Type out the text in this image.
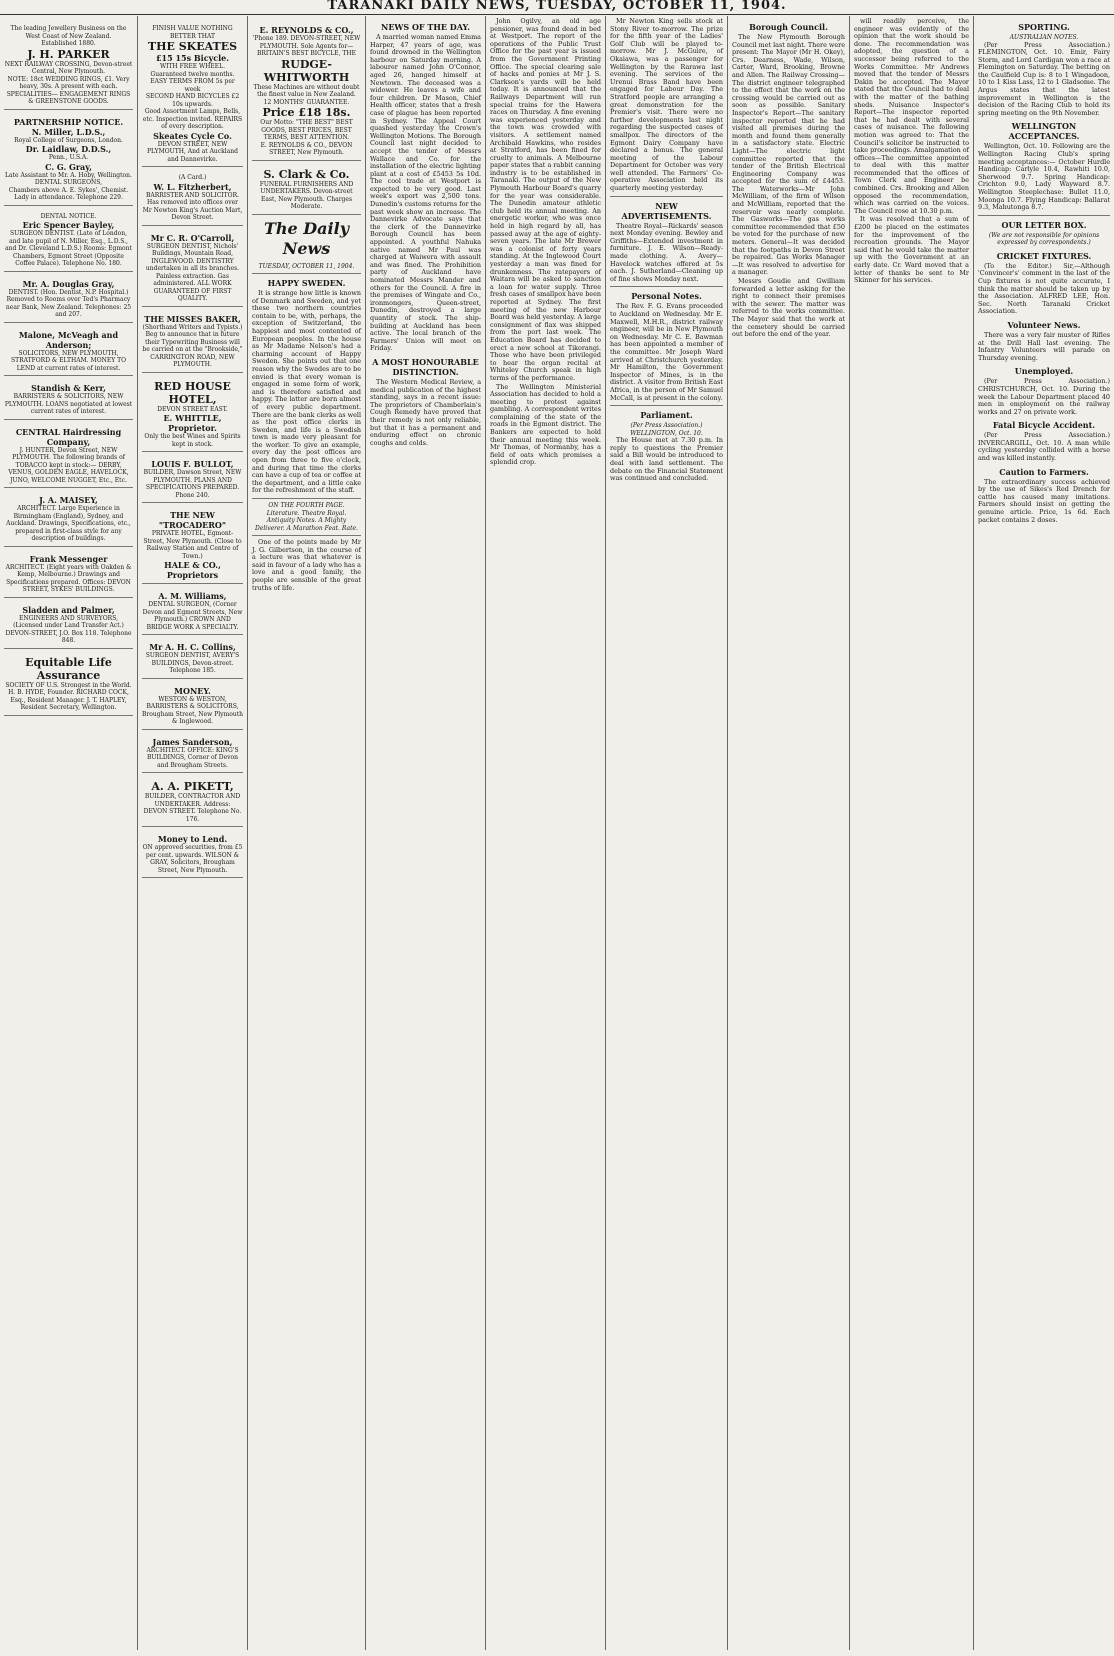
TARANAKI DAILY NEWS, TUESDAY, OCTOBER 11, 1904.
The leading Jewellery Business on the West Coast of New Zealand.
Established 1880.
J. H. PARKER
NEXT RAILWAY CROSSING, Devon-street Central, New Plymouth.
NOTE: 18ct WEDDING RINGS, £1. Very heavy, 30s. A present with each.
SPECIALITIES— ENGAGEMENT RINGS & GREENSTONE GOODS.
PARTNERSHIP NOTICE.
N. Miller, L.D.S.,
Royal College of Surgeons, London.
Dr. Laidlaw, D.D.S.,
Penn., U.S.A.
C. G. Gray,
Late Assistant to Mr. A. Hoby, Wellington.
DENTAL SURGEONS,
Chambers above A. E. Sykes', Chemist. Lady in attendance. Telephone 229.
DENTAL NOTICE.
Eric Spencer Bayley,
SURGEON DENTIST. (Late of London, and late pupil of N. Miller, Esq., L.D.S., and Dr. Cleveland L.D.S.) Rooms: Egmont Chambers, Egmont Street (Opposite Coffee Palace). Telephone No. 180.
Mr. A. Douglas Gray,
DENTIST. (Hon. Dentist, N.P. Hospital.) Removed to Rooms over Ted's Pharmacy near Bank, New Zealand. Telephones: 25 and 207.
Malone, McVeagh and Anderson;
SOLICITORS, NEW PLYMOUTH, STRATFORD & ELTHAM. MONEY TO LEND at current rates of interest.
Standish & Kerr,
BARRISTERS & SOLICITORS, NEW PLYMOUTH. LOANS negotiated at lowest current rates of interest.
CENTRAL Hairdressing Company,
J. HUNTER, Devon Street, NEW PLYMOUTH. The following brands of TOBACCO kept in stock:— DERBY, VENUS, GOLDEN EAGLE, HAVELOCK, JUNO, WELCOME NUGGET, Etc., Etc.
J. A. MAISEY,
ARCHITECT. Large Experience in Birmingham (England), Sydney, and Auckland. Drawings, Specifications, etc., prepared in first-class style for any description of buildings.
Frank Messenger
ARCHITECT. (Eight years with Oakden & Kemp, Melbourne.) Drawings and Specifications prepared. Offices: DEVON STREET, SYKES' BUILDINGS.
Sladden and Palmer,
ENGINEERS AND SURVEYORS, (Licensed under Land Transfer Act.) DEVON-STREET, J.O. Box 118. Telephone 848.
Equitable Life Assurance
SOCIETY OF U.S. Strongest in the World. H. B. HYDE, Founder. RICHARD COCK, Esq., Resident Manager. J. T. HAPLEY, Resident Secretary, Wellington.
FINISH VALUE NOTHING BETTER THAT
THE SKEATES
£15 15s Bicycle.
WITH FREE WHEEL.
Guaranteed twelve months.
EASY TERMS FROM 5s per week
SECOND HAND BICYCLES £2 10s upwards.
Good Assortment Lamps, Bells, etc. Inspection invited. REPAIRS of every description.
Skeates Cycle Co.
DEVON STREET, NEW PLYMOUTH, And at Auckland and Dannevirke.
(A Card.)
W. L. Fitzherbert,
BARRISTER AND SOLICITOR. Has removed into offices over Mr Newton King's Auction Mart, Devon Street.
Mr C. R. O'Carroll,
SURGEON DENTIST, Nichols' Buildings, Mountain Road, INGLEWOOD. DENTISTRY undertaken in all its branches. Painless extraction. Gas administered. ALL WORK GUARANTEED OF FIRST QUALITY.
THE MISSES BAKER,
(Shorthand Writers and Typists.) Beg to announce that in future their Typewriting Business will be carried on at the "Brookside," CARRINGTON ROAD, NEW PLYMOUTH.
RED HOUSE HOTEL,
DEVON STREET EAST.
E. WHITTLE, Proprietor.
Only the best Wines and Spirits kept in stock.
LOUIS F. BULLOT,
BUILDER, Dawson Street, NEW PLYMOUTH. PLANS AND SPECIFICATIONS PREPARED. Phone 240.
THE NEW "TROCADERO"
PRIVATE HOTEL, Egmont-Street, New Plymouth. (Close to Railway Station and Centre of Town.)
HALE & CO., Proprietors
A. M. Williams,
DENTAL SURGEON, (Corner Devon and Egmont Streets, New Plymouth.) CROWN AND BRIDGE WORK A SPECIALTY.
Mr A. H. C. Collins,
SURGEON DENTIST, AVERY'S BUILDINGS, Devon-street. Telephone 185.
MONEY.
WESTON & WESTON, BARRISTERS & SOLICITORS, Brougham Street, New Plymouth & Inglewood.
James Sanderson,
ARCHITECT. OFFICE: KING'S BUILDINGS, Corner of Devon and Brougham Streets.
A. A. PIKETT,
BUILDER, CONTRACTOR AND UNDERTAKER. Address: DEVON STREET. Telephone No. 176.
Money to Lend.
ON approved securities, from £5 per cent. upwards. WILSON & GRAY, Solicitors, Brougham Street, New Plymouth.
E. REYNOLDS & CO.,
'Phone 189. DEVON-STREET, NEW PLYMOUTH. Sole Agents for— BRITAIN'S BEST BICYCLE, THE
RUDGE-WHITWORTH
These Machines are without doubt the finest value in New Zealand.
12 MONTHS' GUARANTEE.
Price £18 18s.
Our Motto: "THE BEST" BEST GOODS, BEST PRICES, BEST TERMS, BEST ATTENTION.
E. REYNOLDS & CO., DEVON STREET, New Plymouth.
S. Clark & Co.
FUNERAL FURNISHERS AND UNDERTAKERS. Devon-street East, New Plymouth. Charges Moderate.
The Daily News
TUESDAY, OCTOBER 11, 1904.
HAPPY SWEDEN.
It is strange how little is known of Denmark and Sweden, and yet these two northern countries contain to be, with, perhaps, the exception of Switzerland, the happiest and most contented of European peoples. In the house as Mr Madame Nelson's had a charming account of Happy Sweden. She points out that one reason why the Swedes are to be envied is that every woman is engaged in some form of work, and is therefore satisfied and happy. The latter are born almost of every public department. There are the bank clerks as well as the post office clerks in Sweden, and life is a Swedish town is made very pleasant for the worker. To give an example, every day the post offices are open from three to five o'clock, and during that time the clerks can have a cup of tea or coffee at the department, and a little cake for the refreshment of the staff.
ON THE FOURTH PAGE. Literature. Theatre Royal. Antiquity Notes. A Mighty Deliverer. A Marathon Feat. Rate.
One of the points made by Mr J. G. Gilbertson, in the course of a lecture was that whatever is said in favour of a lady who has a love and a good family, the people are sensible of the great truths of life.
NEWS OF THE DAY.
A married woman named Emma Harper, 47 years of age, was found drowned in the Wellington harbour on Saturday morning. A labourer named John O'Connor, aged 26, hanged himself at Newtown. The deceased was a widower. He leaves a wife and four children. Dr Mason, Chief Health officer, states that a fresh case of plague has been reported in Sydney. The Appeal Court quashed yesterday the Crown's Wellington Motions. The Borough Council last night decided to accept the tender of Messrs Wallace and Co. for the installation of the electric lighting plant at a cost of £5453 5s 10d. The cool trade at Westport is expected to be very good. Last week's export was 2,500 tons. Dunedin's customs returns for the past week show an increase. The Dannevirke Advocate says that the clerk of the Dannevirke Borough Council has been appointed. A youthful Nahuka native named Mr Paul was charged at Waiwera with assault and was fined. The Prohibition party of Auckland have nominated Messrs Mander and others for the Council. A fire in the premises of Wingate and Co., ironmongers, Queen-street, Dunedin, destroyed a large quantity of stock. The ship-building at Auckland has been active. The local branch of the Farmers' Union will meet on Friday.
A MOST HONOURABLE DISTINCTION.
The Western Medical Review, a medical publication of the highest standing, says in a recent issue: The proprietors of Chamberlain's Cough Remedy have proved that their remedy is not only reliable, but that it has a permanent and enduring effect on chronic coughs and colds.
John Ogilvy, an old age pensioner, was found dead in bed at Westport. The report of the operations of the Public Trust Office for the past year is issued from the Government Printing Office. The special clearing sale of hacks and ponies at Mr J. S. Clarkson's yards will be held today. It is announced that the Railways Department will run special trains for the Hawera races on Thursday. A fine evening was experienced yesterday and the town was crowded with visitors. A settlement named Archibald Hawkins, who resides at Stratford, has been fined for cruelty to animals. A Melbourne paper states that a rabbit canning industry is to be established in Taranaki. The output of the New Plymouth Harbour Board's quarry for the year was considerable. The Dunedin amateur athletic club held its annual meeting. An energetic worker, who was once held in high regard by all, has passed away at the age of eighty-seven years. The late Mr Brewer was a colonist of forty years standing. At the Inglewood Court yesterday a man was fined for drunkenness. The ratepayers of Waitara will be asked to sanction a loan for water supply. Three fresh cases of smallpox have been reported at Sydney. The first meeting of the new Harbour Board was held yesterday. A large consignment of flax was shipped from the port last week. The Education Board has decided to erect a new school at Tikorangi. Those who have been privileged to hear the organ recital at Whiteley Church speak in high terms of the performance.
The Wellington Ministerial Association has decided to hold a meeting to protest against gambling. A correspondent writes complaining of the state of the roads in the Egmont district. The Bankers are expected to hold their annual meeting this week. Mr Thomas, of Normanby, has a field of oats which promises a splendid crop.
Mr Newton King sells stock at Stony River to-morrow. The prize for the fifth year of the Ladies' Golf Club will be played to-morrow. Mr J. McGuire, of Okaiawa, was a passenger for Wellington by the Rarawa last evening. The services of the Urenui Brass Band have been engaged for Labour Day. The Stratford people are arranging a great demonstration for the Premier's visit. There were no further developments last night regarding the suspected cases of smallpox. The directors of the Egmont Dairy Company have declared a bonus. The general meeting of the Labour Department for October was very well attended. The Farmers' Co-operative Association held its quarterly meeting yesterday.
NEW ADVERTISEMENTS.
Theatre Royal—Rickards' season next Monday evening. Bewley and Griffiths—Extended investment in furniture. J. E. Wilson—Ready-made clothing. A. Avery—Havelock watches offered at 5s each. J. Sutherland—Cleaning up of fine shows Monday next.
Personal Notes.
The Rev. F. G. Evans proceeded to Auckland on Wednesday. Mr E. Maxwell, M.H.R., district railway engineer, will be in New Plymouth on Wednesday. Mr C. E. Bawman has been appointed a member of the committee. Mr Joseph Ward arrived at Christchurch yesterday. Mr Hamilton, the Government Inspector of Mines, is in the district. A visitor from British East Africa, in the person of Mr Samuel McCall, is at present in the colony.
Parliament.
(Per Press Association.) WELLINGTON, Oct. 10.
The House met at 7.30 p.m. In reply to questions the Premier said a Bill would be introduced to deal with land settlement. The debate on the Financial Statement was continued and concluded.
Borough Council.
The New Plymouth Borough Council met last night. There were present: The Mayor (Mr H. Okey), Crs. Dearness, Wade, Wilson, Carter, Ward, Brooking, Browne and Allen. The Railway Crossing—The district engineer telegraphed to the effect that the work on the crossing would be carried out as soon as possible. Sanitary Inspector's Report—The sanitary inspector reported that he had visited all premises during the month and found them generally in a satisfactory state. Electric Light—The electric light committee reported that the tender of the British Electrical Engineering Company was accepted for the sum of £4453. The Waterworks—Mr John McWilliam, of the firm of Wilson and McWilliam, reported that the reservoir was nearly complete. The Gasworks—The gas works committee recommended that £50 be voted for the purchase of new meters. General—It was decided that the footpaths in Devon Street be repaired. Gas Works Manager—It was resolved to advertise for a manager.
Messrs Goudie and Gwilliam forwarded a letter asking for the right to connect their premises with the sewer. The matter was referred to the works committee. The Mayor said that the work at the cemetery should be carried out before the end of the year.
will readily perceive, the engineer was evidently of the opinion that the work should be done. The recommendation was adopted, the question of a successor being referred to the Works Committee. Mr Andrews moved that the tender of Messrs Dakin be accepted. The Mayor stated that the Council had to deal with the matter of the bathing sheds. Nuisance Inspector's Report—The inspector reported that he had dealt with several cases of nuisance. The following motion was agreed to: That the Council's solicitor be instructed to take proceedings. Amalgamation of offices—The committee appointed to deal with this matter recommended that the offices of Town Clerk and Engineer be combined. Crs. Brooking and Allen opposed the recommendation, which was carried on the voices. The Council rose at 10.30 p.m.
It was resolved that a sum of £200 be placed on the estimates for the improvement of the recreation grounds. The Mayor said that he would take the matter up with the Government at an early date. Cr. Ward moved that a letter of thanks be sent to Mr Skinner for his services.
SPORTING.
AUSTRALIAN NOTES.
(Per Press Association.) FLEMINGTON, Oct. 10. Emir, Fairy Storm, and Lord Cardigan won a race at Flemington on Saturday. The betting on the Caulfield Cup is: 8 to 1 Wingadoon, 10 to 1 Kiss Lass, 12 to 1 Gladsome. The Argus states that the latest improvement in Wellington is the decision of the Racing Club to hold its spring meeting on the 9th November.
WELLINGTON ACCEPTANCES.
Wellington, Oct. 10. Following are the Wellington Racing Club's spring meeting acceptances:— October Hurdle Handicap: Carlyle 10.4, Rawhiti 10.0, Sherwood 9.7. Spring Handicap: Crichton 9.0, Lady Wayward 8.7. Wellington Steeplechase: Bullet 11.0, Moonga 10.7. Flying Handicap: Ballarat 9.3, Mahutonga 8.7.
OUR LETTER BOX.
(We are not responsible for opinions expressed by correspondents.)
CRICKET FIXTURES.
(To the Editor.) Sir,—Although 'Convincer's' comment in the last of the Cup fixtures is not quite accurate, I think the matter should be taken up by the Association. ALFRED LEE, Hon. Sec. North Taranaki Cricket Association.
Volunteer News.
There was a very fair muster of Rifles at the Drill Hall last evening. The Infantry Volunteers will parade on Thursday evening.
Unemployed.
(Per Press Association.) CHRISTCHURCH, Oct. 10. During the week the Labour Department placed 40 men in employment on the railway works and 27 on private work.
Fatal Bicycle Accident.
(Per Press Association.) INVERCARGILL, Oct. 10. A man while cycling yesterday collided with a horse and was killed instantly.
Caution to Farmers.
The extraordinary success achieved by the use of Sikes's Red Drench for cattle has caused many imitations. Farmers should insist on getting the genuine article. Price, 1s 6d. Each packet contains 2 doses.
